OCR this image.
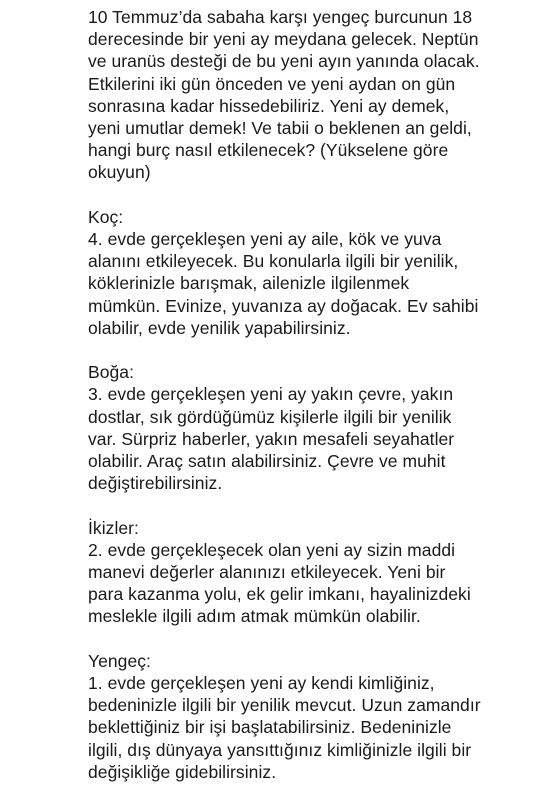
10 Temmuz’da sabaha karşı yengeç burcunun 18
derecesinde bir yeni ay meydana gelecek. Neptün
ve uranüs desteği de bu yeni ayın yanında olacak.
Etkilerini iki gün önceden ve yeni aydan on gün
sonrasına kadar hissedebiliriz. Yeni ay demek,
yeni umutlar demek! Ve tabii o beklenen an geldi,
hangi burç nasıl etkilenecek? (Yükselene göre
okuyun)

Koç:

4. evde gerçekleşen yeni ay aile, kök ve yuva
alanını etkileyecek. Bu konularla ilgili bir yenilik,
köklerinizle barışmak, ailenizle ilgilenmek
mümkün. Evinize, yuvanıza ay doğacak. Ev sahibi
olabilir, evde yenilik yapabilirsiniz.

Boğa:

3. evde gerçekleşen yeni ay yakın çevre, yakın
dostlar, sık gördüğümüz kişilerle ilgili bir yenilik
var. Sürpriz haberler, yakın mesafeli seyahatler
olabilir. Araç satın alabilirsiniz. Çevre ve muhit
değiştirebilirsiniz.

İkizler:

2. evde gerçekleşecek olan yeni ay sizin maddi
manevi değerler alanınızı etkileyecek. Yeni bir
para kazanma yolu, ek gelir imkanı, hayalinizdeki
meslekle ilgili adım atmak mümkün olabilir.

Yengeç:

1. evde gerçekleşen yeni ay kendi kimliğiniz,
bedeninizle ilgili bir yenilik mevcut. Uzun zamandır
beklettiğiniz bir işi başlatabilirsiniz. Bedeninizle
ilgili, dış dünyaya yansıttığınız kimliğinizle ilgili bir
değişikliğe gidebilirsiniz.
